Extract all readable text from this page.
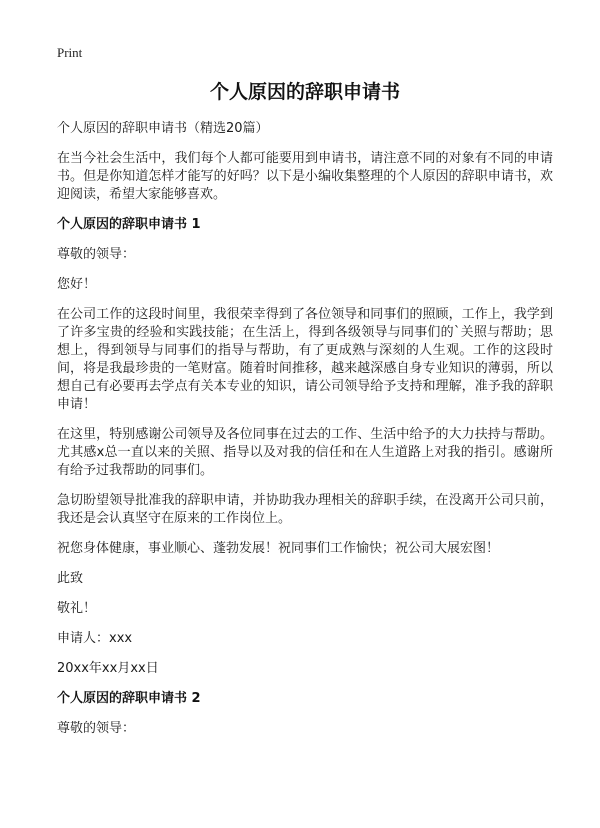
Print
个人原因的辞职申请书

个人原因的辞职申请书（精选20篇）

在当今社会生活中，我们每个人都可能要用到申请书，请注意不同的对象有不同的申请书。但是你知道怎样才能写的好吗？以下是小编收集整理的个人原因的辞职申请书，欢迎阅读，希望大家能够喜欢。

个人原因的辞职申请书 1

尊敬的领导：

您好！

在公司工作的这段时间里，我很荣幸得到了各位领导和同事们的照顾，工作上，我学到了许多宝贵的经验和实践技能；在生活上，得到各级领导与同事们的`关照与帮助；思想上，得到领导与同事们的指导与帮助，有了更成熟与深刻的人生观。工作的这段时间，将是我最珍贵的一笔财富。随着时间推移，越来越深感自身专业知识的薄弱，所以想自己有必要再去学点有关本专业的知识，请公司领导给予支持和理解，准予我的辞职申请！

在这里，特别感谢公司领导及各位同事在过去的工作、生活中给予的大力扶持与帮助。尤其感x总一直以来的关照、指导以及对我的信任和在人生道路上对我的指引。感谢所有给予过我帮助的同事们。

急切盼望领导批准我的辞职申请，并协助我办理相关的辞职手续，在没离开公司只前，我还是会认真坚守在原来的工作岗位上。

祝您身体健康，事业顺心、蓬勃发展！祝同事们工作愉快；祝公司大展宏图！

此致

敬礼！

申请人：xxx

20xx年xx月xx日

个人原因的辞职申请书 2

尊敬的领导：
